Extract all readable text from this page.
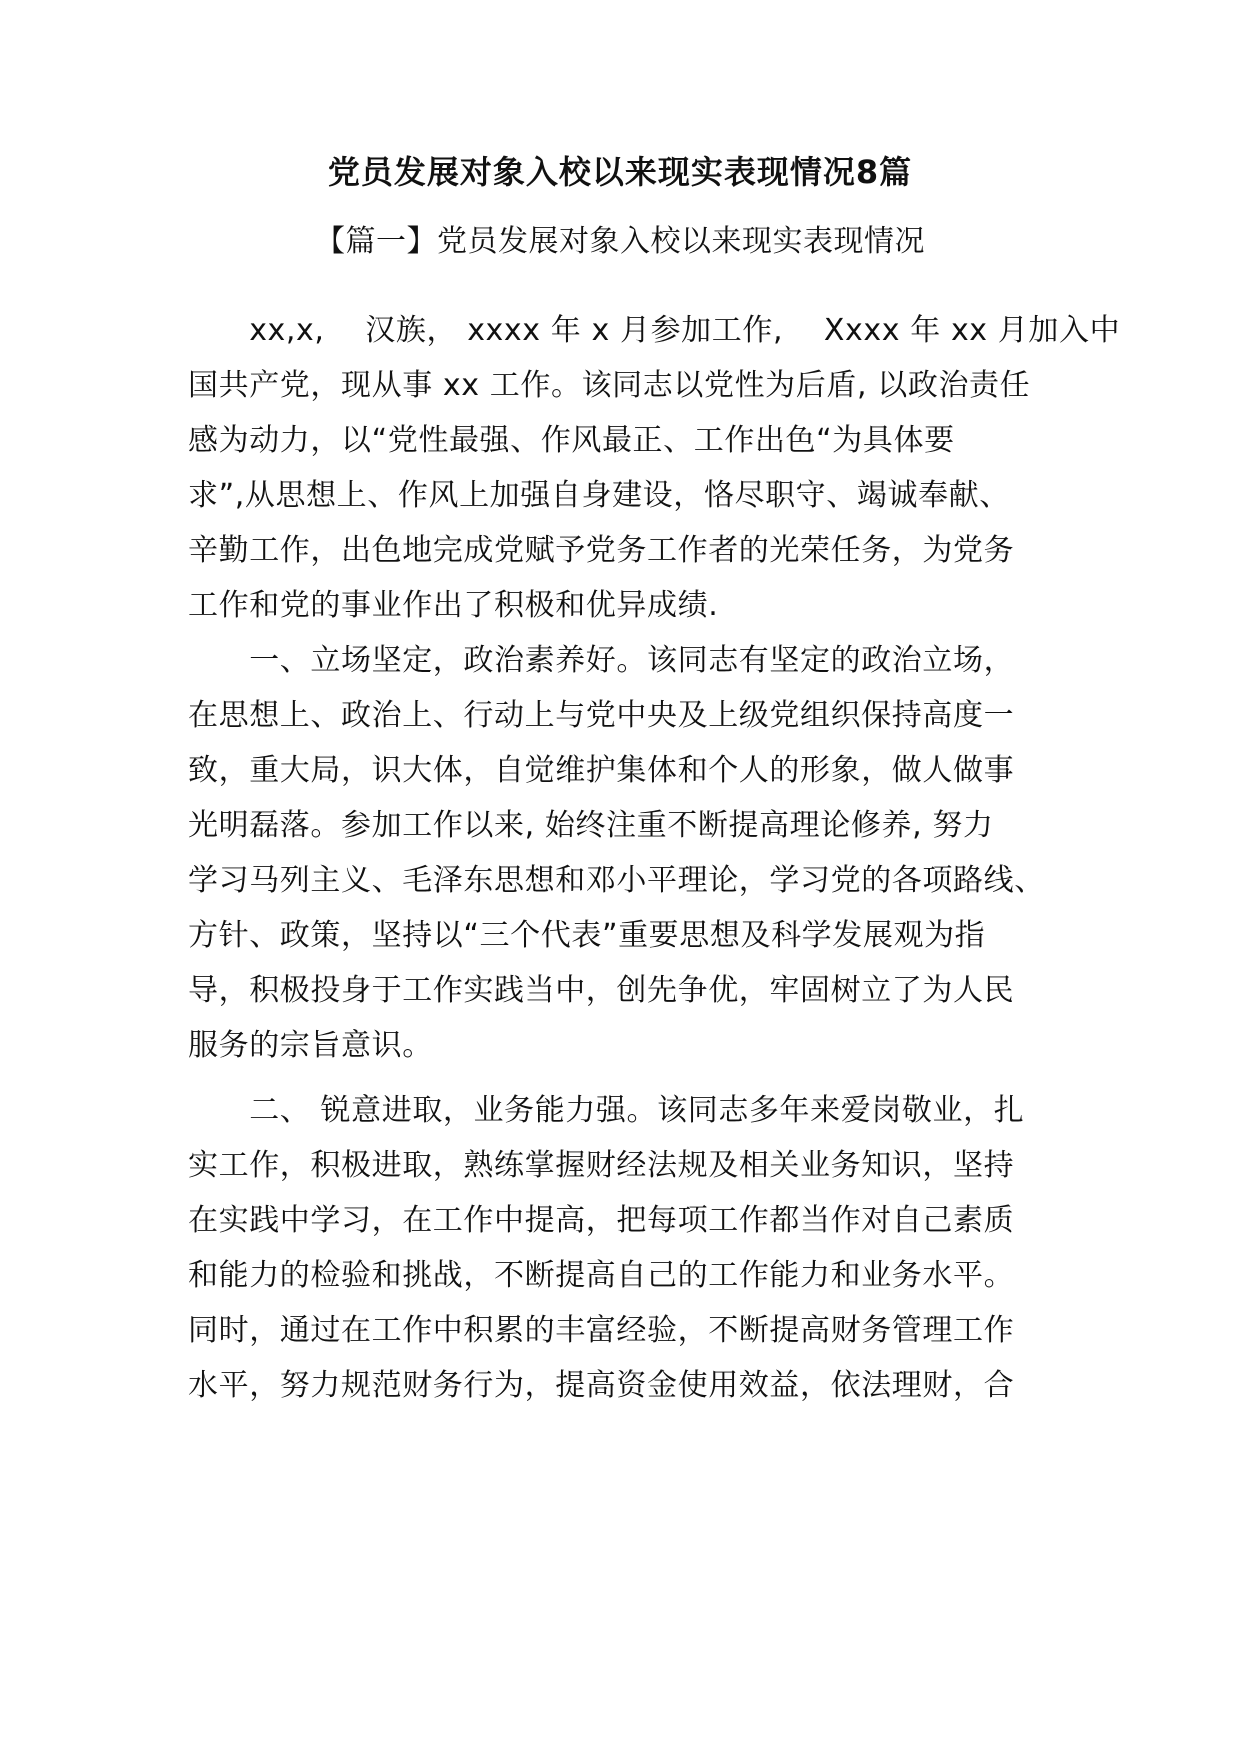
党员发展对象入校以来现实表现情况8篇
【篇一】党员发展对象入校以来现实表现情况
　　xx,x,　 汉族， xxxx 年 x 月参加工作,　 Xxxx 年 xx 月加入中
国共产党，现从事 xx 工作。该同志以党性为后盾, 以政治责任
感为动力，以“党性最强、作风最正、工作出色“为具体要
求”,从思想上、作风上加强自身建设，恪尽职守、竭诚奉献、
辛勤工作，出色地完成党赋予党务工作者的光荣任务，为党务
工作和党的事业作出了积极和优异成绩.
　　一、立场坚定，政治素养好。该同志有坚定的政治立场，
在思想上、政治上、行动上与党中央及上级党组织保持高度一
致，重大局，识大体，自觉维护集体和个人的形象，做人做事
光明磊落。参加工作以来, 始终注重不断提高理论修养, 努力
学习马列主义、毛泽东思想和邓小平理论，学习党的各项路线、
方针、政策，坚持以“三个代表”重要思想及科学发展观为指
导，积极投身于工作实践当中，创先争优，牢固树立了为人民
服务的宗旨意识。
　　二、 锐意进取，业务能力强。该同志多年来爱岗敬业，扎
实工作，积极进取，熟练掌握财经法规及相关业务知识，坚持
在实践中学习，在工作中提高，把每项工作都当作对自己素质
和能力的检验和挑战，不断提高自己的工作能力和业务水平。
同时，通过在工作中积累的丰富经验，不断提高财务管理工作
水平，努力规范财务行为，提高资金使用效益，依法理财，合
